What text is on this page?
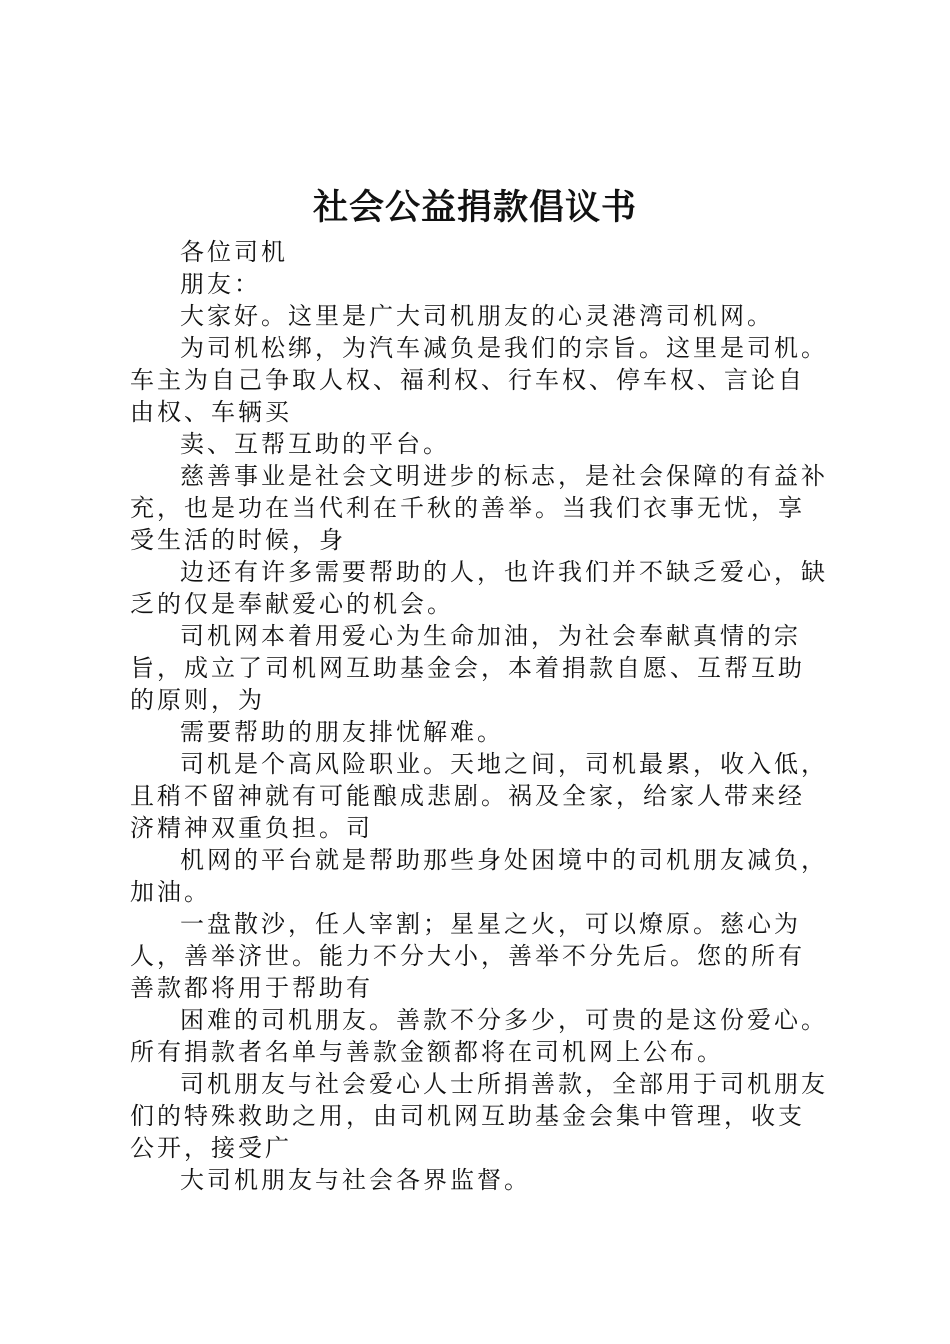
社会公益捐款倡议书

各位司机

朋友：

大家好。这里是广大司机朋友的心灵港湾司机网。

为司机松绑，为汽车减负是我们的宗旨。这里是司机。车主为自己争取人权、福利权、行车权、停车权、言论自由权、车辆买

卖、互帮互助的平台。

慈善事业是社会文明进步的标志，是社会保障的有益补充，也是功在当代利在千秋的善举。当我们衣事无忧，享受生活的时候，身

边还有许多需要帮助的人，也许我们并不缺乏爱心，缺乏的仅是奉献爱心的机会。

司机网本着用爱心为生命加油，为社会奉献真情的宗旨，成立了司机网互助基金会，本着捐款自愿、互帮互助的原则，为

需要帮助的朋友排忧解难。

司机是个高风险职业。天地之间，司机最累，收入低，且稍不留神就有可能酿成悲剧。祸及全家，给家人带来经济精神双重负担。司

机网的平台就是帮助那些身处困境中的司机朋友减负，加油。

一盘散沙，任人宰割；星星之火，可以燎原。慈心为人，善举济世。能力不分大小，善举不分先后。您的所有善款都将用于帮助有

困难的司机朋友。善款不分多少，可贵的是这份爱心。所有捐款者名单与善款金额都将在司机网上公布。

司机朋友与社会爱心人士所捐善款，全部用于司机朋友们的特殊救助之用，由司机网互助基金会集中管理，收支公开，接受广

大司机朋友与社会各界监督。
